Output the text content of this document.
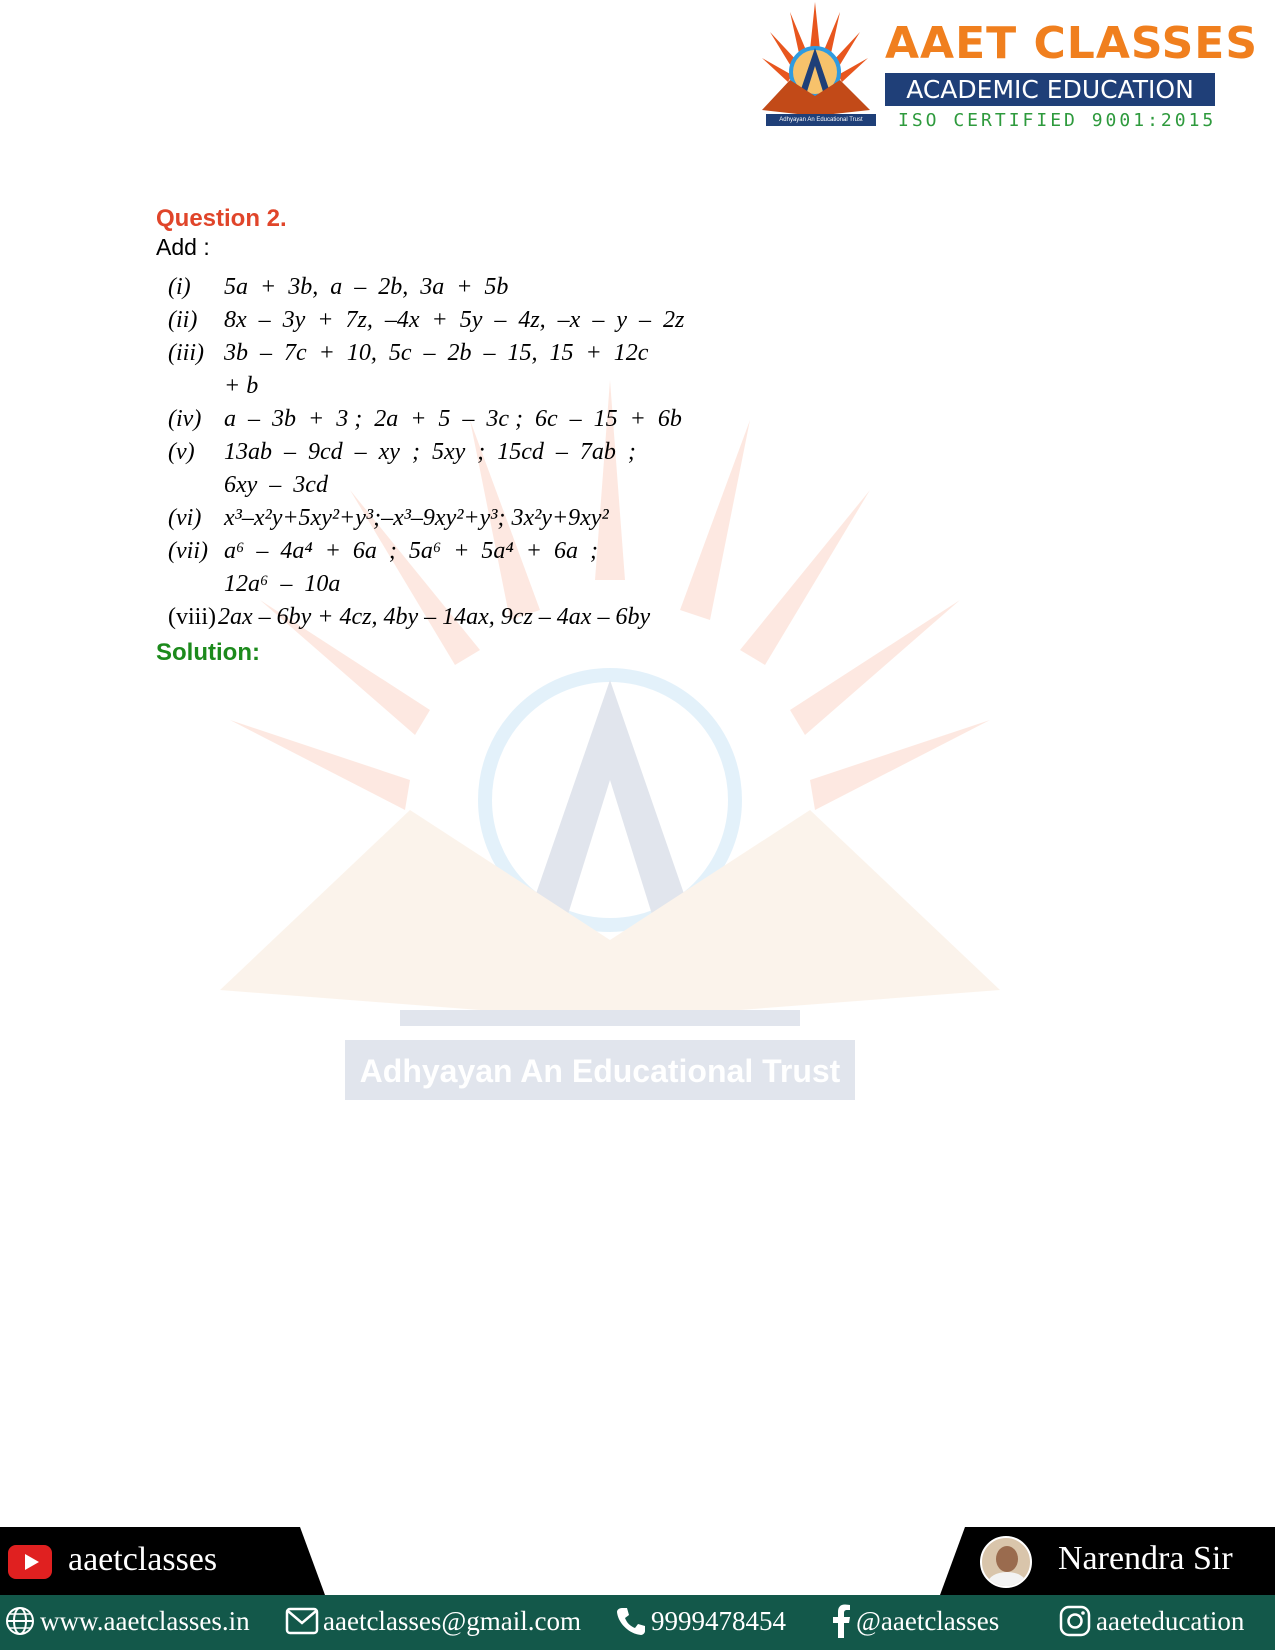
Adhyayan An Educational Trust
AAET CLASSES
ACADEMIC EDUCATION
ISO CERTIFIED 9001:2015
Adhyayan An Educational Trust
Question 2.
Add :
(i)	5a  +  3b,  a  –  2b,  3a  +  5b
(ii)	8x  –  3y  +  7z,  –4x  +  5y  –  4z,  –x  –  y  –  2z
(iii) 3b  –  7c  +  10,  5c  –  2b  –  15,  15  +  12c
+ b
(iv) a  –  3b  +  3 ;  2a  +  5  –  3c ;  6c  –  15  +  6b
(v)	13ab  –  9cd  –  xy  ;  5xy  ;  15cd  –  7ab  ;
6xy  –  3cd
(vi) x³–x²y+5xy²+y³;–x³–9xy²+y³; 3x²y+9xy²
(vii) a⁶  –  4a⁴  +  6a  ;  5a⁶  +  5a⁴  +  6a  ;
12a⁶  –  10a
(viii) 2ax – 6by + 4cz, 4by – 14ax, 9cz – 4ax – 6by
Solution:
aaetclasses	Narendra Sir
www.aaetclasses.in	aaetclasses@gmail.com	9999478454	@aaetclasses	aaeteducation
